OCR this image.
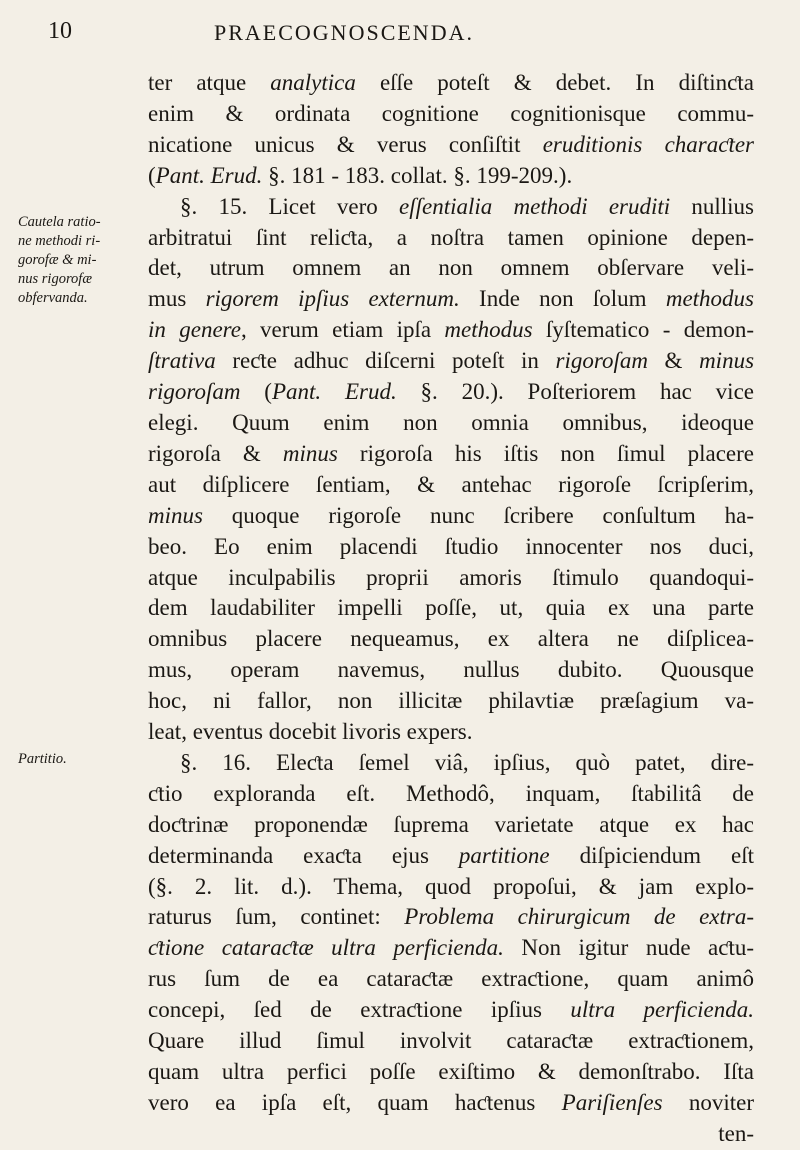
10	PRAECOGNOSCENDA.
Cautela ratio-
ne methodi ri-
gorofæ & mi-
nus rigorofæ
obfervanda.
Partitio.
ter atque analytica eſſe poteſt & debet. In diſtinƈta
enim & ordinata cognitione cognitionisque commu-
nicatione unicus & verus conſiſtit eruditionis charaƈter
(Pant. Erud. §. 181 - 183. collat. §. 199-209.).
§. 15. Licet vero eſſentialia methodi eruditi nullius
arbitratui ſint reliƈta, a noſtra tamen opinione depen-
det, utrum omnem an non omnem obſervare veli-
mus rigorem ipſius externum. Inde non ſolum methodus
in genere, verum etiam ipſa methodus ſyſtematico - demon-
ſtrativa reƈte adhuc diſcerni poteſt in rigoroſam & minus
rigoroſam (Pant. Erud. §. 20.). Poſteriorem hac vice
elegi. Quum enim non omnia omnibus, ideoque
rigoroſa & minus rigoroſa his iſtis non ſimul placere
aut diſplicere ſentiam, & antehac rigoroſe ſcripſerim,
minus quoque rigoroſe nunc ſcribere conſultum ha-
beo. Eo enim placendi ſtudio innocenter nos duci,
atque inculpabilis proprii amoris ſtimulo quandoqui-
dem laudabiliter impelli poſſe, ut, quia ex una parte
omnibus placere nequeamus, ex altera ne diſplicea-
mus, operam navemus, nullus dubito. Quousque
hoc, ni fallor, non illicitæ philavtiæ præſagium va-
leat, eventus docebit livoris expers.
§. 16. Eleƈta ſemel viâ, ipſius, quò patet, dire-
ƈtio exploranda eſt. Methodô, inquam, ſtabilitâ de
doƈtrinæ proponendæ ſuprema varietate atque ex hac
determinanda exaƈta ejus partitione diſpiciendum eſt
(§. 2. lit. d.). Thema, quod propoſui, & jam explo-
raturus ſum, continet: Problema chirurgicum de extra-
ƈtione cataraƈtæ ultra perficienda. Non igitur nude aƈtu-
rus ſum de ea cataraƈtæ extraƈtione, quam animô
concepi, ſed de extraƈtione ipſius ultra perficienda.
Quare illud ſimul involvit cataraƈtæ extraƈtionem,
quam ultra perfici poſſe exiſtimo & demonſtrabo. Iſta
vero ea ipſa eſt, quam haƈtenus Pariſienſes noviter
ten-
